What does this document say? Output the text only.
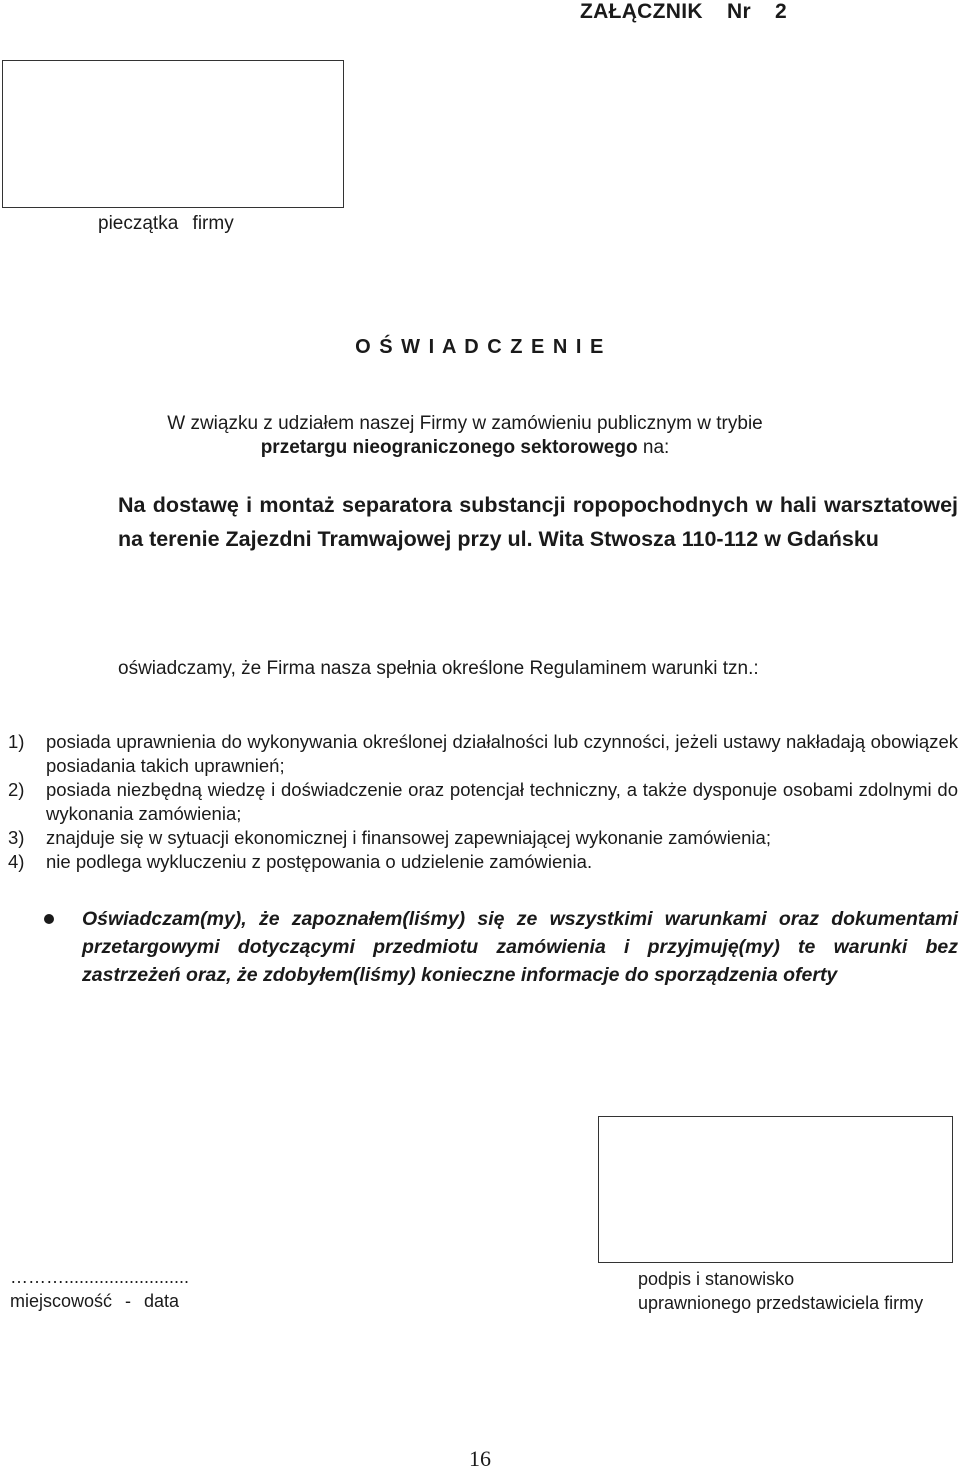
ZAŁĄCZNIK Nr 2
pieczątka firmy
O Ś W I A D C Z E N I E
W związku z udziałem naszej Firmy w zamówieniu publicznym w trybie
przetargu nieograniczonego sektorowego na:
Na dostawę i montaż separatora substancji ropopochodnych w hali warsztatowej na terenie Zajezdni Tramwajowej przy ul. Wita Stwosza 110-112 w Gdańsku
oświadczamy, że Firma nasza spełnia określone Regulaminem warunki tzn.:
1)	posiada uprawnienia do wykonywania określonej działalności lub czynności, jeżeli ustawy nakładają obowiązek posiadania takich uprawnień;
2)	posiada niezbędną wiedzę i doświadczenie oraz potencjał techniczny, a także dysponuje osobami zdolnymi do wykonania zamówienia;
3)	znajduje się w sytuacji ekonomicznej i finansowej zapewniającej wykonanie zamówienia;
4)	nie podlega wykluczeniu z postępowania o udzielenie zamówienia.
Oświadczam(my), że zapoznałem(liśmy) się ze wszystkimi warunkami oraz dokumentami przetargowymi dotyczącymi przedmiotu zamówienia i przyjmuję(my) te warunki bez zastrzeżeń oraz, że zdobyłem(liśmy) konieczne informacje do sporządzenia oferty
……….........................
miejscowość - data
podpis i stanowisko
uprawnionego przedstawiciela firmy
16
